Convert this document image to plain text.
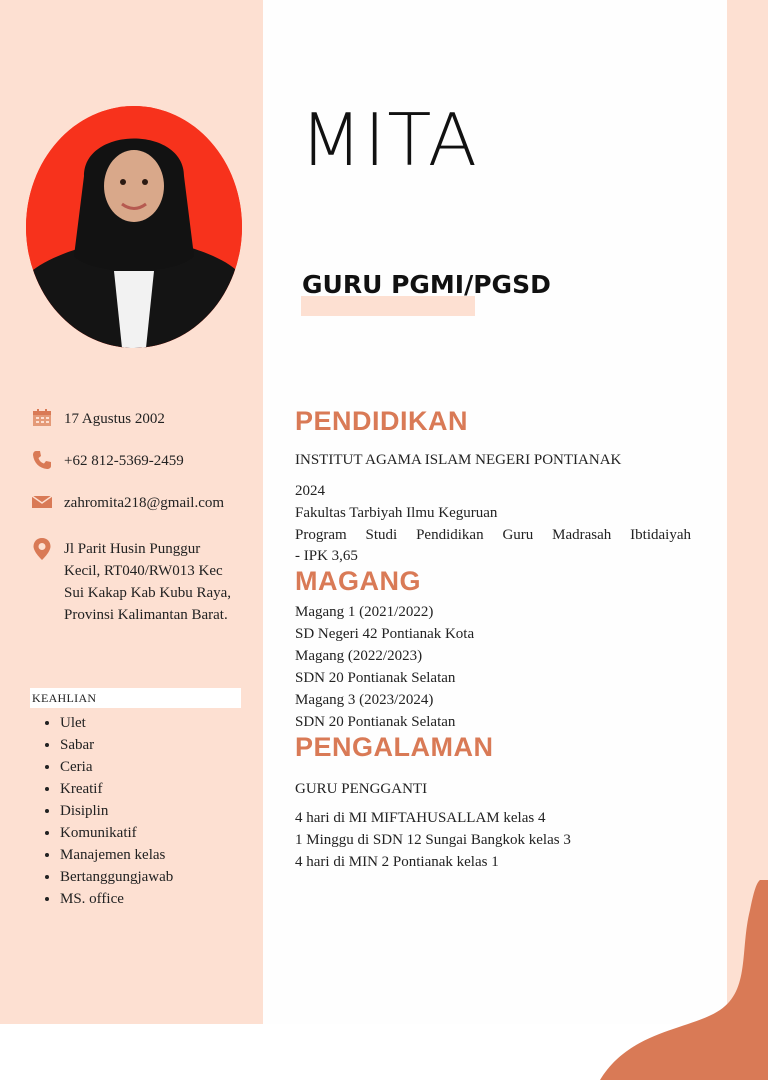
MITA
GURU PGMI/PGSD
17 Agustus 2002
+62 812-5369-2459
zahromita218@gmail.com
Jl Parit Husin Punggur
Kecil, RT040/RW013 Kec
Sui Kakap Kab Kubu Raya,
Provinsi Kalimantan Barat.
KEAHLIAN
• Ulet
• Sabar
• Ceria
• Kreatif
• Disiplin
• Komunikatif
• Manajemen kelas
• Bertanggungjawab
• MS. office
PENDIDIKAN
INSTITUT AGAMA ISLAM NEGERI PONTIANAK
2024
Fakultas Tarbiyah Ilmu Keguruan
Program Studi Pendidikan Guru Madrasah Ibtidaiyah
- IPK 3,65
MAGANG
Magang 1 (2021/2022)
SD Negeri 42 Pontianak Kota
Magang (2022/2023)
SDN 20 Pontianak Selatan
Magang 3 (2023/2024)
SDN 20 Pontianak Selatan
PENGALAMAN
GURU PENGGANTI
4 hari di MI MIFTAHUSALLAM kelas 4
1 Minggu di SDN 12 Sungai Bangkok kelas 3
4 hari di MIN 2 Pontianak kelas 1
